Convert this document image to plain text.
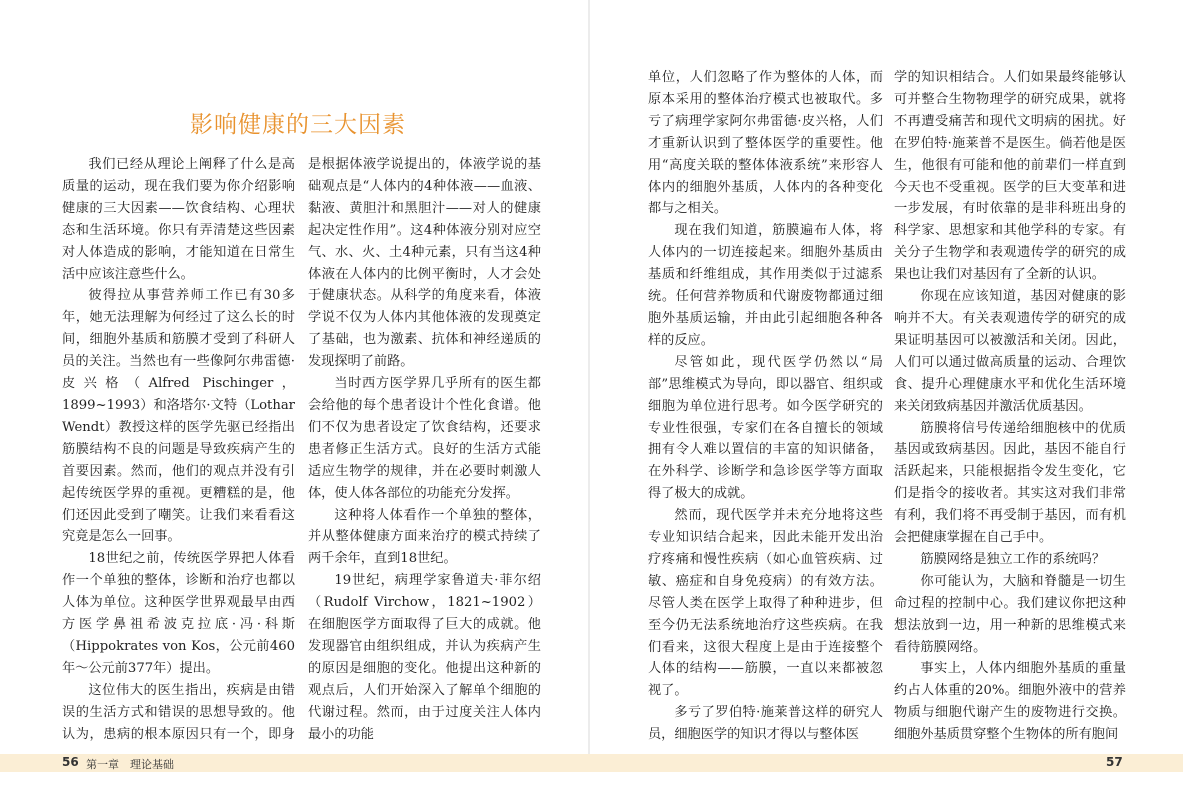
影响健康的三大因素

我们已经从理论上阐释了什么是高质量的运动，现在我们要为你介绍影响健康的三大因素——饮食结构、心理状态和生活环境。你只有弄清楚这些因素对人体造成的影响，才能知道在日常生活中应该注意些什么。

彼得拉从事营养师工作已有30多年，她无法理解为何经过了这么长的时间，细胞外基质和筋膜才受到了科研人员的关注。当然也有一些像阿尔弗雷德·皮兴格（Alfred Pischinger，1899~1993）和洛塔尔·文特（Lothar Wendt）教授这样的医学先驱已经指出筋膜结构不良的问题是导致疾病产生的首要因素。然而，他们的观点并没有引起传统医学界的重视。更糟糕的是，他们还因此受到了嘲笑。让我们来看看这究竟是怎么一回事。

18世纪之前，传统医学界把人体看作一个单独的整体，诊断和治疗也都以人体为单位。这种医学世界观最早由西方医学鼻祖希波克拉底·冯·科斯（Hippokrates von Kos，公元前460年～公元前377年）提出。

这位伟大的医生指出，疾病是由错误的生活方式和错误的思想导致的。他认为，患病的根本原因只有一个，即身

是根据体液学说提出的，体液学说的基础观点是“人体内的4种体液——血液、黏液、黄胆汁和黑胆汁——对人的健康起决定性作用”。这4种体液分别对应空气、水、火、土4种元素，只有当这4种体液在人体内的比例平衡时，人才会处于健康状态。从科学的角度来看，体液学说不仅为人体内其他体液的发现奠定了基础，也为激素、抗体和神经递质的发现探明了前路。

当时西方医学界几乎所有的医生都会给他的每个患者设计个性化食谱。他们不仅为患者设定了饮食结构，还要求患者修正生活方式。良好的生活方式能适应生物学的规律，并在必要时刺激人体，使人体各部位的功能充分发挥。

这种将人体看作一个单独的整体，并从整体健康方面来治疗的模式持续了两千余年，直到18世纪。

19世纪，病理学家鲁道夫·菲尔绍（Rudolf Virchow，1821~1902）在细胞医学方面取得了巨大的成就。他发现器官由组织组成，并认为疾病产生的原因是细胞的变化。他提出这种新的观点后，人们开始深入了解单个细胞的代谢过程。然而，由于过度关注人体内最小的功能

单位，人们忽略了作为整体的人体，而原本采用的整体治疗模式也被取代。多亏了病理学家阿尔弗雷德·皮兴格，人们才重新认识到了整体医学的重要性。他用“高度关联的整体体液系统”来形容人体内的细胞外基质，人体内的各种变化都与之相关。

现在我们知道，筋膜遍布人体，将人体内的一切连接起来。细胞外基质由基质和纤维组成，其作用类似于过滤系统。任何营养物质和代谢废物都通过细胞外基质运输，并由此引起细胞各种各样的反应。

尽管如此，现代医学仍然以“局部”思维模式为导向，即以器官、组织或细胞为单位进行思考。如今医学研究的专业性很强，专家们在各自擅长的领域拥有令人难以置信的丰富的知识储备，在外科学、诊断学和急诊医学等方面取得了极大的成就。

然而，现代医学并未充分地将这些专业知识结合起来，因此未能开发出治疗疼痛和慢性疾病（如心血管疾病、过敏、癌症和自身免疫病）的有效方法。尽管人类在医学上取得了种种进步，但至今仍无法系统地治疗这些疾病。在我们看来，这很大程度上是由于连接整个人体的结构——筋膜，一直以来都被忽视了。

多亏了罗伯特·施莱普这样的研究人员，细胞医学的知识才得以与整体医

学的知识相结合。人们如果最终能够认可并整合生物物理学的研究成果，就将不再遭受痛苦和现代文明病的困扰。好在罗伯特·施莱普不是医生。倘若他是医生，他很有可能和他的前辈们一样直到今天也不受重视。医学的巨大变革和进一步发展，有时依靠的是非科班出身的科学家、思想家和其他学科的专家。有关分子生物学和表观遗传学的研究的成果也让我们对基因有了全新的认识。

你现在应该知道，基因对健康的影响并不大。有关表观遗传学的研究的成果证明基因可以被激活和关闭。因此，人们可以通过做高质量的运动、合理饮食、提升心理健康水平和优化生活环境来关闭致病基因并激活优质基因。

筋膜将信号传递给细胞核中的优质基因或致病基因。因此，基因不能自行活跃起来，只能根据指令发生变化，它们是指令的接收者。其实这对我们非常有利，我们将不再受制于基因，而有机会把健康掌握在自己手中。

筋膜网络是独立工作的系统吗？

你可能认为，大脑和脊髓是一切生命过程的控制中心。我们建议你把这种想法放到一边，用一种新的思维模式来看待筋膜网络。

事实上，人体内细胞外基质的重量约占人体重的20%。细胞外液中的营养物质与细胞代谢产生的废物进行交换。细胞外基质贯穿整个生物体的所有胞间

56 第一章　理论基础	57
